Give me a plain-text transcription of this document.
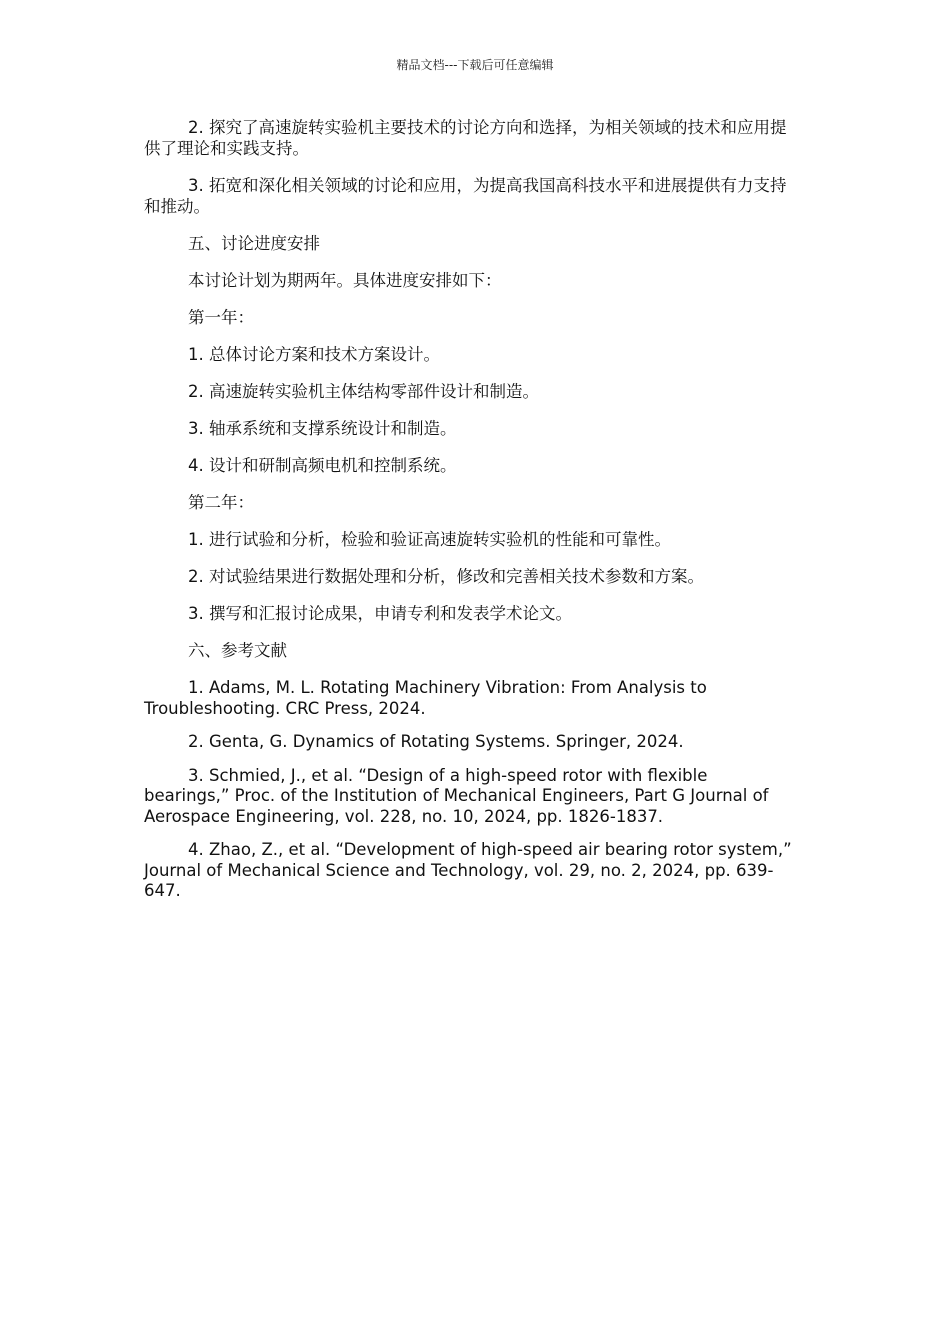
精品文档---下载后可任意编辑

2. 探究了高速旋转实验机主要技术的讨论方向和选择，为相关领域的技术和应用提供了理论和实践支持。

3. 拓宽和深化相关领域的讨论和应用，为提高我国高科技水平和进展提供有力支持和推动。

五、讨论进度安排

本讨论计划为期两年。具体进度安排如下：

第一年：

1. 总体讨论方案和技术方案设计。

2. 高速旋转实验机主体结构零部件设计和制造。

3. 轴承系统和支撑系统设计和制造。

4. 设计和研制高频电机和控制系统。

第二年：

1. 进行试验和分析，检验和验证高速旋转实验机的性能和可靠性。

2. 对试验结果进行数据处理和分析，修改和完善相关技术参数和方案。

3. 撰写和汇报讨论成果，申请专利和发表学术论文。

六、参考文献

1. Adams, M. L. Rotating Machinery Vibration: From Analysis to Troubleshooting. CRC Press, 2024.

2. Genta, G. Dynamics of Rotating Systems. Springer, 2024.

3. Schmied, J., et al. “Design of a high-speed rotor with flexible bearings,” Proc. of the Institution of Mechanical Engineers, Part G Journal of Aerospace Engineering, vol. 228, no. 10, 2024, pp. 1826-1837.

4. Zhao, Z., et al. “Development of high-speed air bearing rotor system,” Journal of Mechanical Science and Technology, vol. 29, no. 2, 2024, pp. 639-647.
